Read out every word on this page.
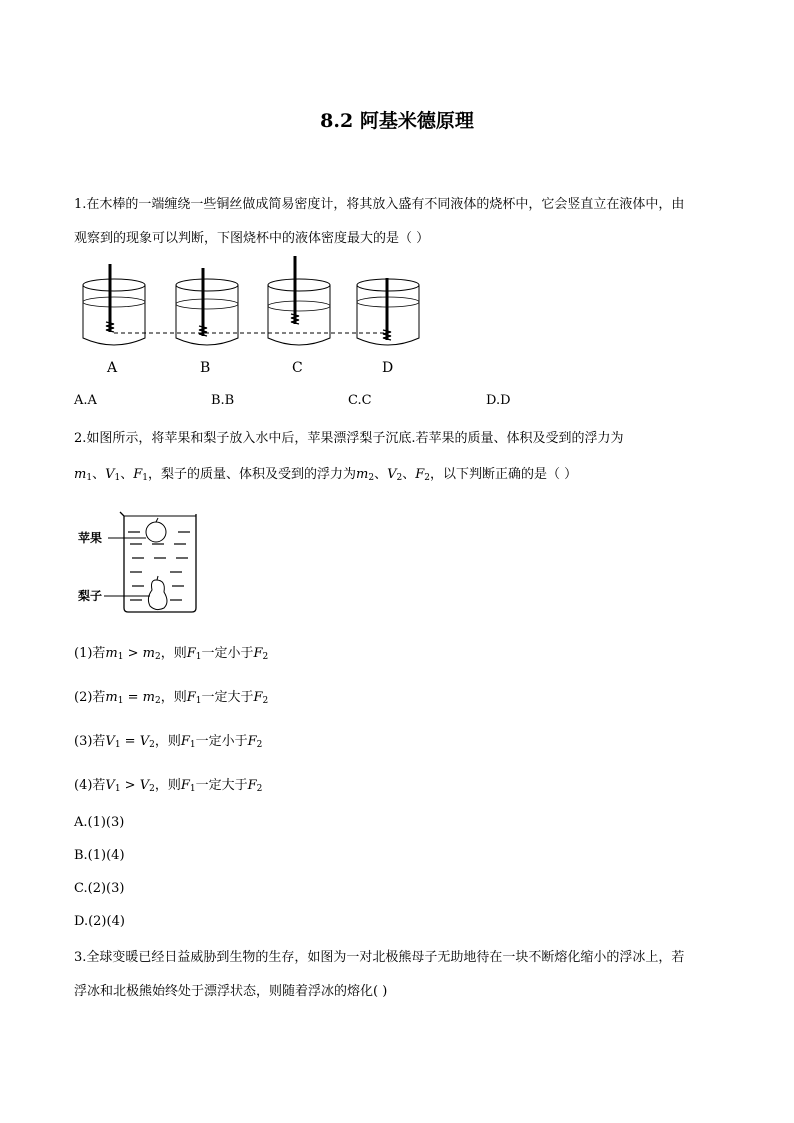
8.2 阿基米德原理
1.在木棒的一端缠绕一些铜丝做成简易密度计，将其放入盛有不同液体的烧杯中，它会竖直立在液体中，由
观察到的现象可以判断，下图烧杯中的液体密度最大的是（ ）
A	B	C	D
A.A	B.B	C.C	D.D
2.如图所示，将苹果和梨子放入水中后，苹果漂浮梨子沉底.若苹果的质量、体积及受到的浮力为
$m_1$、$V_1$、$F_1$，梨子的质量、体积及受到的浮力为$m_2$、$V_2$、$F_2$，以下判断正确的是（ ）
苹果
梨子
(1)若$m_1 > m_2$，则$F_1$一定小于$F_2$
(2)若$m_1 = m_2$，则$F_1$一定大于$F_2$
(3)若$V_1 = V_2$，则$F_1$一定小于$F_2$
(4)若$V_1 > V_2$，则$F_1$一定大于$F_2$
A.(1)(3)
B.(1)(4)
C.(2)(3)
D.(2)(4)
3.全球变暖已经日益威胁到生物的生存，如图为一对北极熊母子无助地待在一块不断熔化缩小的浮冰上，若
浮冰和北极熊始终处于漂浮状态，则随着浮冰的熔化( )
